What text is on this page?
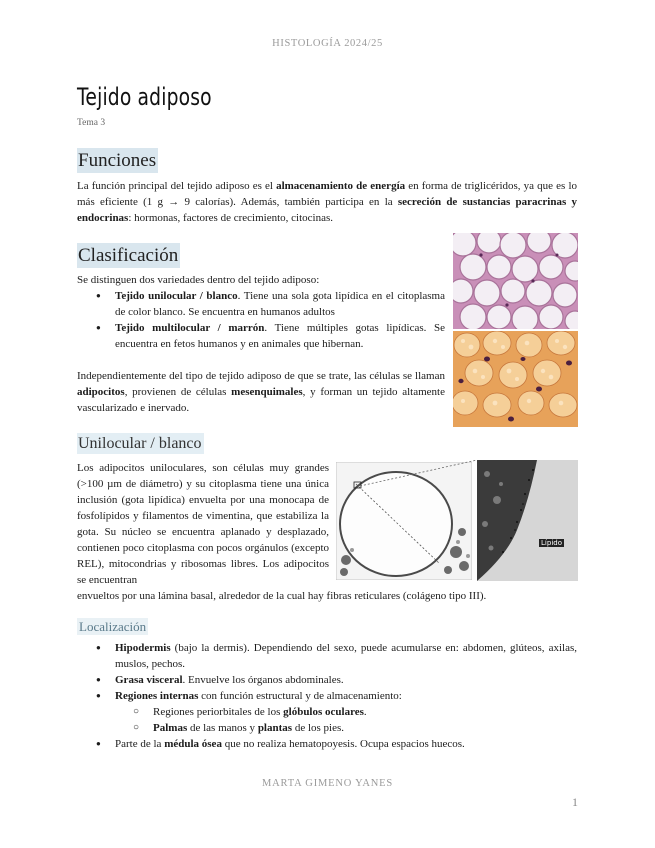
HISTOLOGÍA 2024/25
Tejido adiposo
Tema 3
Funciones
La función principal del tejido adiposo es el almacenamiento de energía en forma de triglicéridos, ya que es lo más eficiente (1 g → 9 calorías). Además, también participa en la secreción de sustancias paracrinas y endocrinas: hormonas, factores de crecimiento, citocinas.
Clasificación
Se distinguen dos variedades dentro del tejido adiposo:
● Tejido unilocular / blanco. Tiene una sola gota lipídica en el citoplasma de color blanco. Se encuentra en humanos adultos
● Tejido multilocular / marrón. Tiene múltiples gotas lipídicas. Se encuentra en fetos humanos y en animales que hibernan.
Independientemente del tipo de tejido adiposo de que se trate, las células se llaman adipocitos, provienen de células mesenquimales, y forman un tejido altamente vascularizado e inervado.
Unilocular / blanco
Los adipocitos uniloculares, son células muy grandes (>100 µm de diámetro) y su citoplasma tiene una única inclusión (gota lipídica) envuelta por una monocapa de fosfolípidos y filamentos de vimentina, que estabiliza la gota. Su núcleo se encuentra aplanado y desplazado, contienen poco citoplasma con pocos orgánulos (excepto REL), mitocondrias y ribosomas libres. Los adipocitos se encuentran
envueltos por una lámina basal, alrededor de la cual hay fibras reticulares (colágeno tipo III).
Lípido
Localización
● Hipodermis (bajo la dermis). Dependiendo del sexo, puede acumularse en: abdomen, glúteos, axilas, muslos, pechos.
● Grasa visceral. Envuelve los órganos abdominales.
● Regiones internas con función estructural y de almacenamiento:
○ Regiones periorbitales de los glóbulos oculares.
○ Palmas de las manos y plantas de los pies.
● Parte de la médula ósea que no realiza hematopoyesis. Ocupa espacios huecos.
MARTA GIMENO YANES
1
